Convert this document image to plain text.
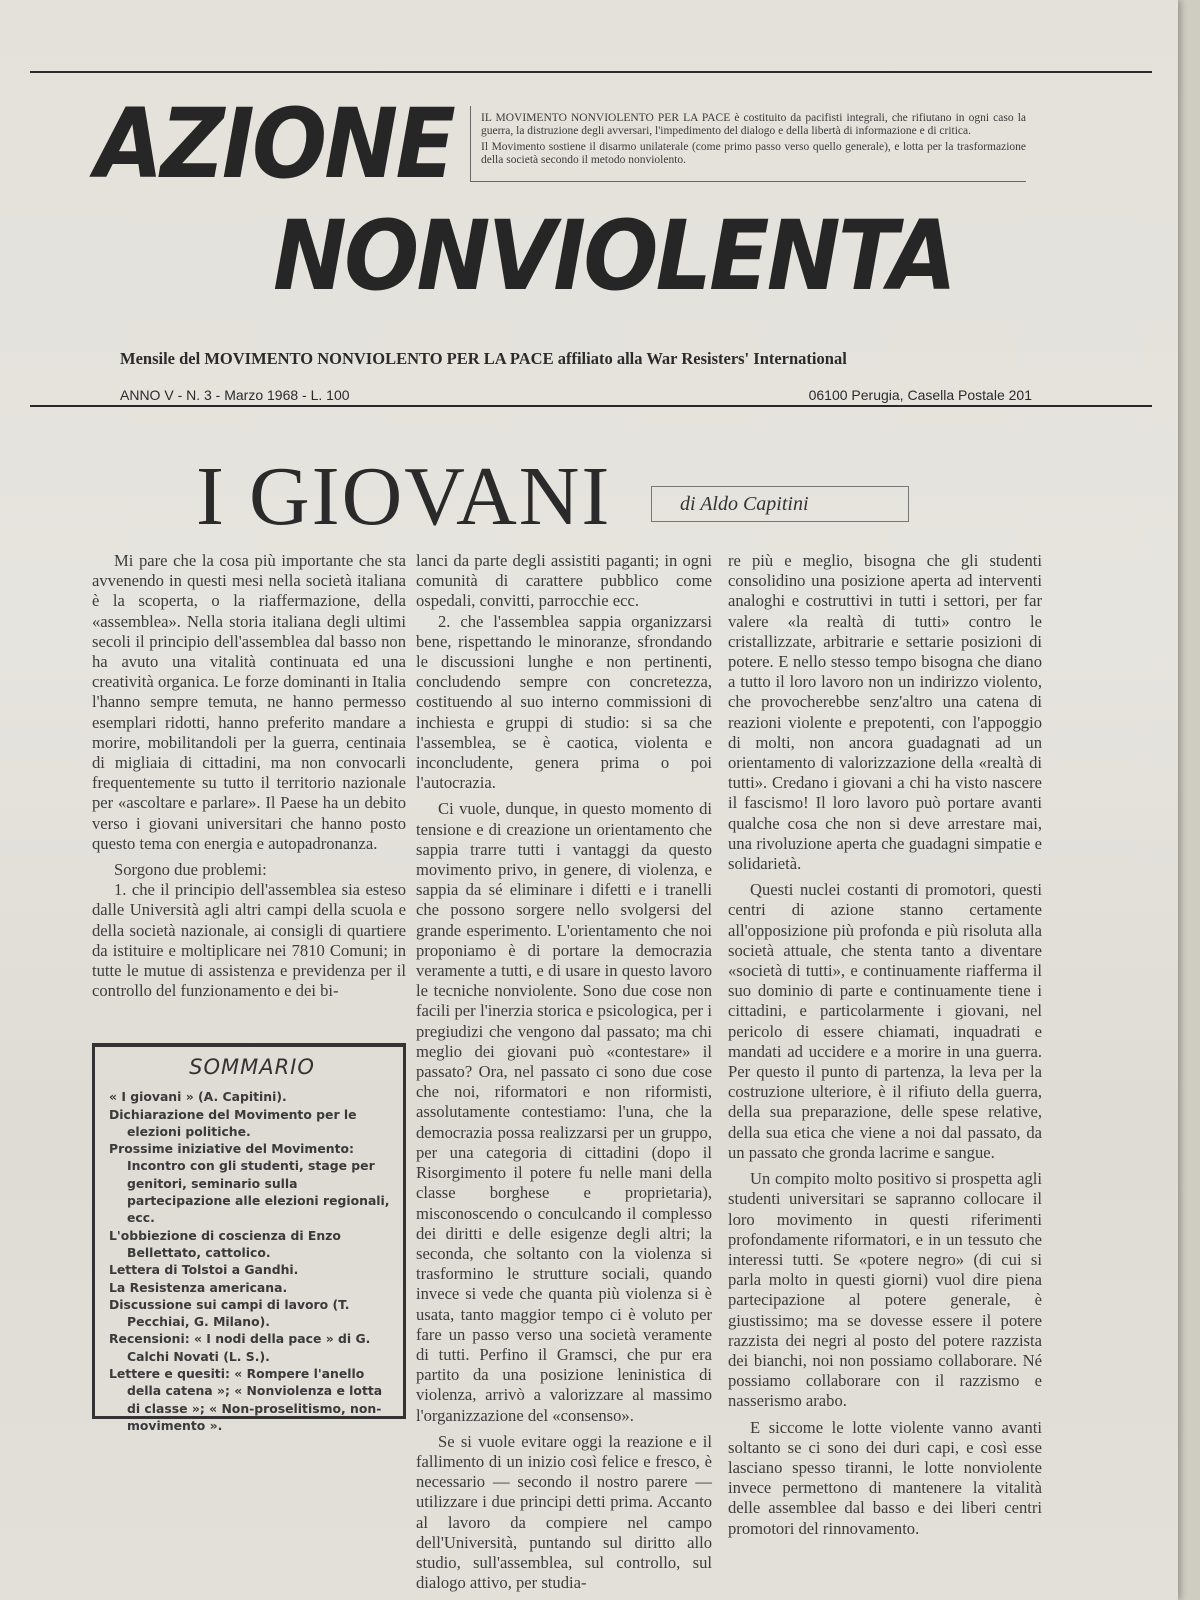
AZIONE
NONVIOLENTA

IL MOVIMENTO NONVIOLENTO PER LA PACE è costituito da pacifisti integrali, che rifiutano in ogni caso la guerra, la distruzione degli avversari, l'impedimento del dialogo e della libertà di informazione e di critica.

Il Movimento sostiene il disarmo unilaterale (come primo passo verso quello generale), e lotta per la trasformazione della società secondo il metodo nonviolento.

Mensile del MOVIMENTO NONVIOLENTO PER LA PACE affiliato alla War Resisters' International
ANNO V - N. 3 - Marzo 1968 - L. 100	06100 Perugia, Casella Postale 201
I GIOVANI	di Aldo Capitini

Mi pare che la cosa più importante che sta avvenendo in questi mesi nella società italiana è la scoperta, o la riaffermazione, della «assemblea». Nella storia italiana degli ultimi secoli il principio dell'assemblea dal basso non ha avuto una vitalità continuata ed una creatività organica. Le forze dominanti in Italia l'hanno sempre temuta, ne hanno permesso esemplari ridotti, hanno preferito mandare a morire, mobilitandoli per la guerra, centinaia di migliaia di cittadini, ma non convocarli frequentemente su tutto il territorio nazionale per «ascoltare e parlare». Il Paese ha un debito verso i giovani universitari che hanno posto questo tema con energia e autopadronanza.

Sorgono due problemi:

1. che il principio dell'assemblea sia esteso dalle Università agli altri campi della scuola e della società nazionale, ai consigli di quartiere da istituire e moltiplicare nei 7810 Comuni; in tutte le mutue di assistenza e previdenza per il controllo del funzionamento e dei bi-

lanci da parte degli assistiti paganti; in ogni comunità di carattere pubblico come ospedali, convitti, parrocchie ecc.

2. che l'assemblea sappia organizzarsi bene, rispettando le minoranze, sfrondando le discussioni lunghe e non pertinenti, concludendo sempre con concretezza, costituendo al suo interno commissioni di inchiesta e gruppi di studio: si sa che l'assemblea, se è caotica, violenta e inconcludente, genera prima o poi l'autocrazia.

Ci vuole, dunque, in questo momento di tensione e di creazione un orientamento che sappia trarre tutti i vantaggi da questo movimento privo, in genere, di violenza, e sappia da sé eliminare i difetti e i tranelli che possono sorgere nello svolgersi del grande esperimento. L'orientamento che noi proponiamo è di portare la democrazia veramente a tutti, e di usare in questo lavoro le tecniche nonviolente. Sono due cose non facili per l'inerzia storica e psicologica, per i pregiudizi che vengono dal passato; ma chi meglio dei giovani può «contestare» il passato? Ora, nel passato ci sono due cose che noi, riformatori e non riformisti, assolutamente contestiamo: l'una, che la democrazia possa realizzarsi per un gruppo, per una categoria di cittadini (dopo il Risorgimento il potere fu nelle mani della classe borghese e proprietaria), misconoscendo o conculcando il complesso dei diritti e delle esigenze degli altri; la seconda, che soltanto con la violenza si trasformino le strutture sociali, quando invece si vede che quanta più violenza si è usata, tanto maggior tempo ci è voluto per fare un passo verso una società veramente di tutti. Perfino il Gramsci, che pur era partito da una posizione leninistica di violenza, arrivò a valorizzare al massimo l'organizzazione del «consenso».

Se si vuole evitare oggi la reazione e il fallimento di un inizio così felice e fresco, è necessario — secondo il nostro parere — utilizzare i due principi detti prima. Accanto al lavoro da compiere nel campo dell'Università, puntando sul diritto allo studio, sull'assemblea, sul controllo, sul dialogo attivo, per studia-

re più e meglio, bisogna che gli studenti consolidino una posizione aperta ad interventi analoghi e costruttivi in tutti i settori, per far valere «la realtà di tutti» contro le cristallizzate, arbitrarie e settarie posizioni di potere. E nello stesso tempo bisogna che diano a tutto il loro lavoro non un indirizzo violento, che provocherebbe senz'altro una catena di reazioni violente e prepotenti, con l'appoggio di molti, non ancora guadagnati ad un orientamento di valorizzazione della «realtà di tutti». Credano i giovani a chi ha visto nascere il fascismo! Il loro lavoro può portare avanti qualche cosa che non si deve arrestare mai, una rivoluzione aperta che guadagni simpatie e solidarietà.

Questi nuclei costanti di promotori, questi centri di azione stanno certamente all'opposizione più profonda e più risoluta alla società attuale, che stenta tanto a diventare «società di tutti», e continuamente riafferma il suo dominio di parte e continuamente tiene i cittadini, e particolarmente i giovani, nel pericolo di essere chiamati, inquadrati e mandati ad uccidere e a morire in una guerra. Per questo il punto di partenza, la leva per la costruzione ulteriore, è il rifiuto della guerra, della sua preparazione, delle spese relative, della sua etica che viene a noi dal passato, da un passato che gronda lacrime e sangue.

Un compito molto positivo si prospetta agli studenti universitari se sapranno collocare il loro movimento in questi riferimenti profondamente riformatori, e in un tessuto che interessi tutti. Se «potere negro» (di cui si parla molto in questi giorni) vuol dire piena partecipazione al potere generale, è giustissimo; ma se dovesse essere il potere razzista dei negri al posto del potere razzista dei bianchi, noi non possiamo collaborare. Né possiamo collaborare con il razzismo e nasserismo arabo.

E siccome le lotte violente vanno avanti soltanto se ci sono dei duri capi, e così esse lasciano spesso tiranni, le lotte nonviolente invece permettono di mantenere la vitalità delle assemblee dal basso e dei liberi centri promotori del rinnovamento.

SOMMARIO
« I giovani » (A. Capitini).
Dichiarazione del Movimento per le elezioni politiche.
Prossime iniziative del Movimento: Incontro con gli studenti, stage per genitori, seminario sulla partecipazione alle elezioni regionali, ecc.
L'obbiezione di coscienza di Enzo Bellettato, cattolico.
Lettera di Tolstoi a Gandhi.
La Resistenza americana.
Discussione sui campi di lavoro (T. Pecchiai, G. Milano).
Recensioni: « I nodi della pace » di G. Calchi Novati (L. S.).
Lettere e quesiti: « Rompere l'anello della catena »; « Nonviolenza e lotta di classe »; « Non-proselitismo, non-movimento ».
